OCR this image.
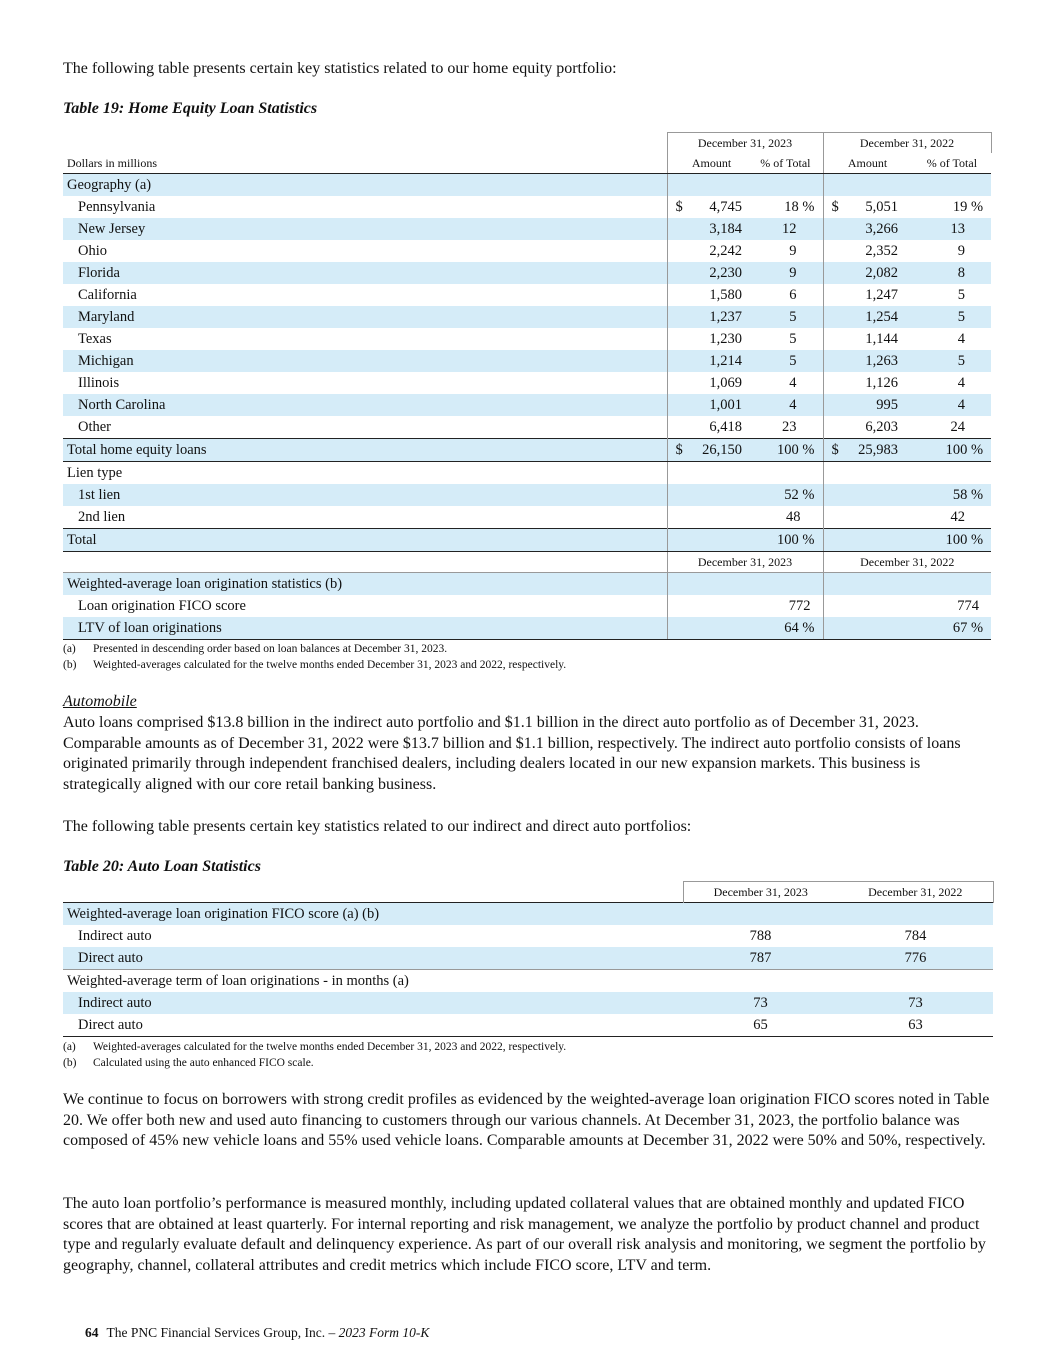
The following table presents certain key statistics related to our home equity portfolio:

Table 19: Home Equity Loan Statistics
	December 31, 2023			December 31, 2022		
Dollars in millions		Amount	% of Total		Amount	% of Total
Geography (a)						
Pennsylvania	$	4,745	18 %	$	5,051	19 %
New Jersey		3,184	12		3,266	13
Ohio		2,242	9		2,352	9
Florida		2,230	9		2,082	8
California		1,580	6		1,247	5
Maryland		1,237	5		1,254	5
Texas		1,230	5		1,144	4
Michigan		1,214	5		1,263	5
Illinois		1,069	4		1,126	4
North Carolina		1,001	4		995	4
Other		6,418	23		6,203	24
Total home equity loans	$	26,150	100 %	$	25,983	100 %
Lien type						
1st lien			52 %			58 %
2nd lien			48			42
Total			100 %			100 %
	December 31, 2023			December 31, 2022		
Weighted-average loan origination statistics (b)						
Loan origination FICO score			772			774
LTV of loan originations			64 %			67 %
(a) Presented in descending order based on loan balances at December 31, 2023.
(b) Weighted-averages calculated for the twelve months ended December 31, 2023 and 2022, respectively.
Automobile

Auto loans comprised $13.8 billion in the indirect auto portfolio and $1.1 billion in the direct auto portfolio as of December 31, 2023. Comparable amounts as of December 31, 2022 were $13.7 billion and $1.1 billion, respectively. The indirect auto portfolio consists of loans originated primarily through independent franchised dealers, including dealers located in our new expansion markets. This business is strategically aligned with our core retail banking business.

The following table presents certain key statistics related to our indirect and direct auto portfolios:

Table 20: Auto Loan Statistics
	December 31, 2023	December 31, 2022
Weighted-average loan origination FICO score (a) (b)		
Indirect auto	788	784
Direct auto	787	776
Weighted-average term of loan originations - in months (a)		
Indirect auto	73	73
Direct auto	65	63
(a) Weighted-averages calculated for the twelve months ended December 31, 2023 and 2022, respectively.
(b) Calculated using the auto enhanced FICO scale.

We continue to focus on borrowers with strong credit profiles as evidenced by the weighted-average loan origination FICO scores noted in Table 20. We offer both new and used auto financing to customers through our various channels. At December 31, 2023, the portfolio balance was composed of 45% new vehicle loans and 55% used vehicle loans. Comparable amounts at December 31, 2022 were 50% and 50%, respectively.

The auto loan portfolio’s performance is measured monthly, including updated collateral values that are obtained monthly and updated FICO scores that are obtained at least quarterly. For internal reporting and risk management, we analyze the portfolio by product channel and product type and regularly evaluate default and delinquency experience. As part of our overall risk analysis and monitoring, we segment the portfolio by geography, channel, collateral attributes and credit metrics which include FICO score, LTV and term.

64 The PNC Financial Services Group, Inc. – 2023 Form 10-K
